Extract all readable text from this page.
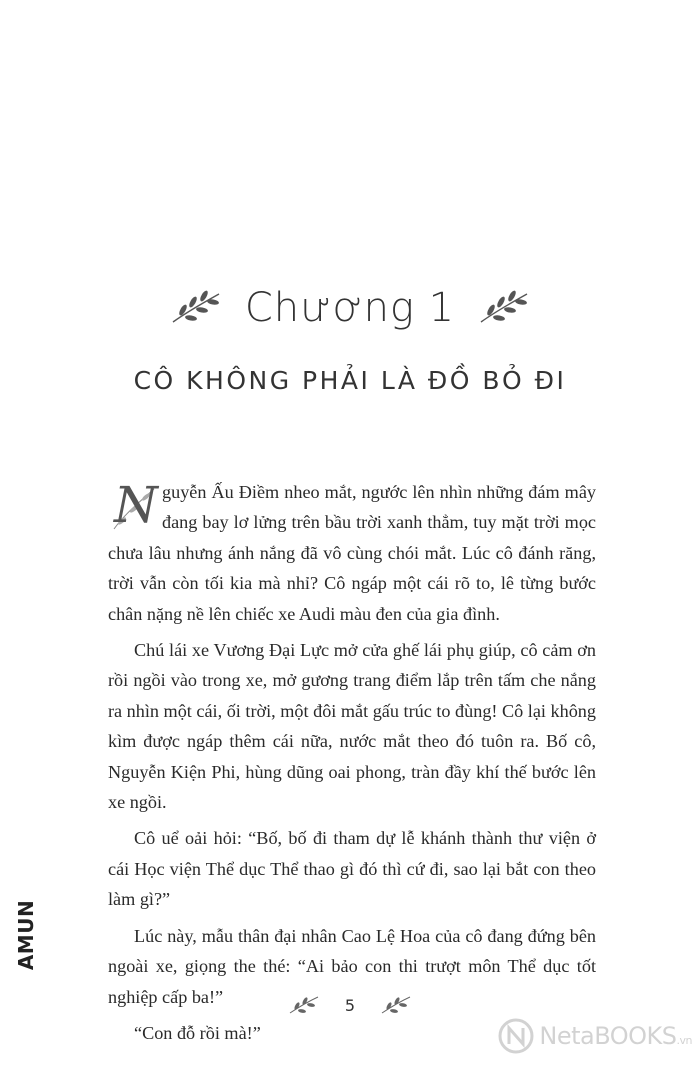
Chương 1
CÔ KHÔNG PHẢI LÀ ĐỒ BỎ ĐI

N guyễn Ấu Điềm nheo mắt, ngước lên nhìn những đám mây đang bay lơ lửng trên bầu trời xanh thẳm, tuy mặt trời mọc chưa lâu nhưng ánh nắng đã vô cùng chói mắt. Lúc cô đánh răng, trời vẫn còn tối kia mà nhỉ? Cô ngáp một cái rõ to, lê từng bước chân nặng nề lên chiếc xe Audi màu đen của gia đình.

Chú lái xe Vương Đại Lực mở cửa ghế lái phụ giúp, cô cảm ơn rồi ngồi vào trong xe, mở gương trang điểm lắp trên tấm che nắng ra nhìn một cái, ối trời, một đôi mắt gấu trúc to đùng! Cô lại không kìm được ngáp thêm cái nữa, nước mắt theo đó tuôn ra. Bố cô, Nguyễn Kiện Phi, hùng dũng oai phong, tràn đầy khí thế bước lên xe ngồi.

Cô uể oải hỏi: “Bố, bố đi tham dự lễ khánh thành thư viện ở cái Học viện Thể dục Thể thao gì đó thì cứ đi, sao lại bắt con theo làm gì?”

Lúc này, mẫu thân đại nhân Cao Lệ Hoa của cô đang đứng bên ngoài xe, giọng the thé: “Ai bảo con thi trượt môn Thể dục tốt nghiệp cấp ba!”

“Con đỗ rồi mà!”

AMUN
5
NetaBOOKS.vn
